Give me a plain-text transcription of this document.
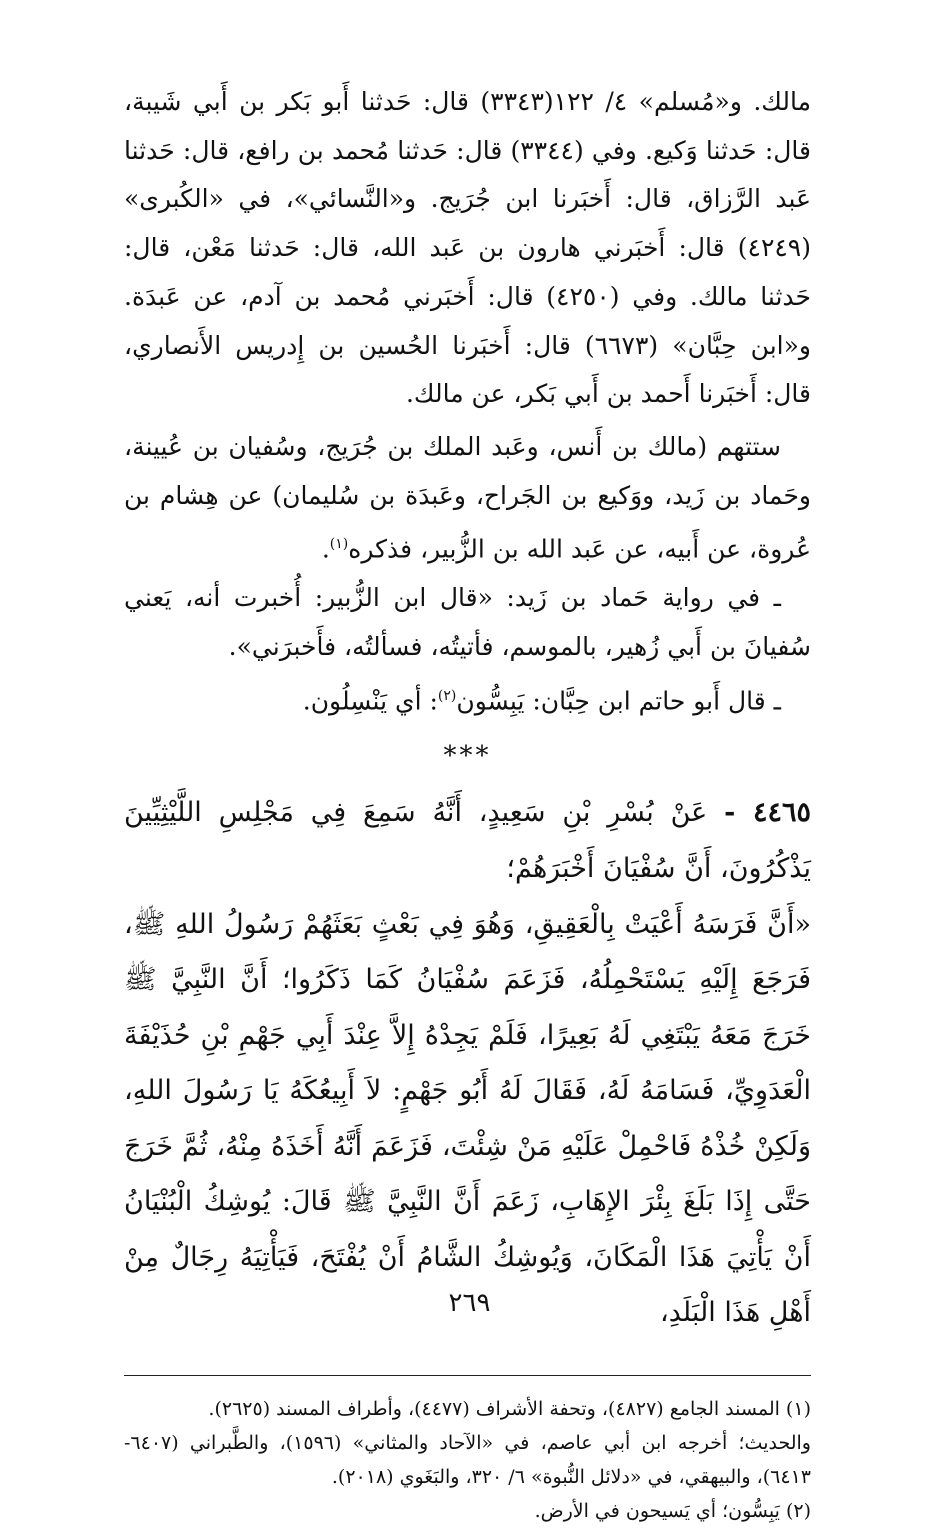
مالك. و«مُسلم» ٤/ ١٢٢(٣٣٤٣) قال: حَدثنا أَبو بَكر بن أَبي شَيبة، قال: حَدثنا وَكيع. وفي (٣٣٤٤) قال: حَدثنا مُحمد بن رافع، قال: حَدثنا عَبد الرَّزاق، قال: أَخبَرنا ابن جُرَيج. و«النَّسائي»، في «الكُبرى» (٤٢٤٩) قال: أَخبَرني هارون بن عَبد الله، قال: حَدثنا مَعْن، قال: حَدثنا مالك. وفي (٤٢٥٠) قال: أَخبَرني مُحمد بن آدم، عن عَبدَة. و«ابن حِبَّان» (٦٦٧٣) قال: أَخبَرنا الحُسين بن إِدريس الأَنصاري، قال: أَخبَرنا أَحمد بن أَبي بَكر، عن مالك.

ستتهم (مالك بن أَنس، وعَبد الملك بن جُرَيج، وسُفيان بن عُيينة، وحَماد بن زَيد، ووَكيع بن الجَراح، وعَبدَة بن سُليمان) عن هِشام بن عُروة، عن أَبيه، عن عَبد الله بن الزُّبير، فذكره$^{(١)}$.

ـ في رواية حَماد بن زَيد: «قال ابن الزُّبير: أُخبرت أنه، يَعني سُفيانَ بن أَبي زُهير، بالموسم، فأتيتُه، فسألتُه، فأَخبرَني».

ـ قال أَبو حاتم ابن حِبَّان: يَبِسُّون$^{(٢)}$: أي يَنْسِلُون.

***

٤٤٦٥ - عَنْ بُسْرِ بْنِ سَعِيدٍ، أَنَّهُ سَمِعَ فِي مَجْلِسِ اللَّيْثِيِّينَ يَذْكُرُونَ، أَنَّ سُفْيَانَ أَخْبَرَهُمْ؛

«أَنَّ فَرَسَهُ أَعْيَتْ بِالْعَقِيقِ، وَهُوَ فِي بَعْثٍ بَعَثَهُمْ رَسُولُ اللهِ ﷺ، فَرَجَعَ إِلَيْهِ يَسْتَحْمِلُهُ، فَزَعَمَ سُفْيَانُ كَمَا ذَكَرُوا؛ أَنَّ النَّبِيَّ ﷺ خَرَجَ مَعَهُ يَبْتَغِي لَهُ بَعِيرًا، فَلَمْ يَجِدْهُ إِلاَّ عِنْدَ أَبِي جَهْمِ بْنِ حُذَيْفَةَ الْعَدَوِيِّ، فَسَامَهُ لَهُ، فَقَالَ لَهُ أَبُو جَهْمٍ: لاَ أَبِيعُكَهُ يَا رَسُولَ اللهِ، وَلَكِنْ خُذْهُ فَاحْمِلْ عَلَيْهِ مَنْ شِئْتَ، فَزَعَمَ أَنَّهُ أَخَذَهُ مِنْهُ، ثُمَّ خَرَجَ حَتَّى إِذَا بَلَغَ بِئْرَ الإِهَابِ، زَعَمَ أَنَّ النَّبِيَّ ﷺ قَالَ: يُوشِكُ الْبُنْيَانُ أَنْ يَأْتِيَ هَذَا الْمَكَانَ، وَيُوشِكُ الشَّامُ أَنْ يُفْتَحَ، فَيَأْتِيَهُ رِجَالٌ مِنْ أَهْلِ هَذَا الْبَلَدِ،

(١) المسند الجامع (٤٨٢٧)، وتحفة الأشراف (٤٤٧٧)، وأطراف المسند (٢٦٢٥).

والحديث؛ أخرجه ابن أبي عاصم، في «الآحاد والمثاني» (١٥٩٦)، والطَّبراني (٦٤٠٧- ٦٤١٣)، والبيهقي، في «دلائل النُّبوة» ٦/ ٣٢٠، والبَغَوي (٢٠١٨).

(٢) يَبِسُّون؛ أي يَسيحون في الأرض.

٢٦٩
